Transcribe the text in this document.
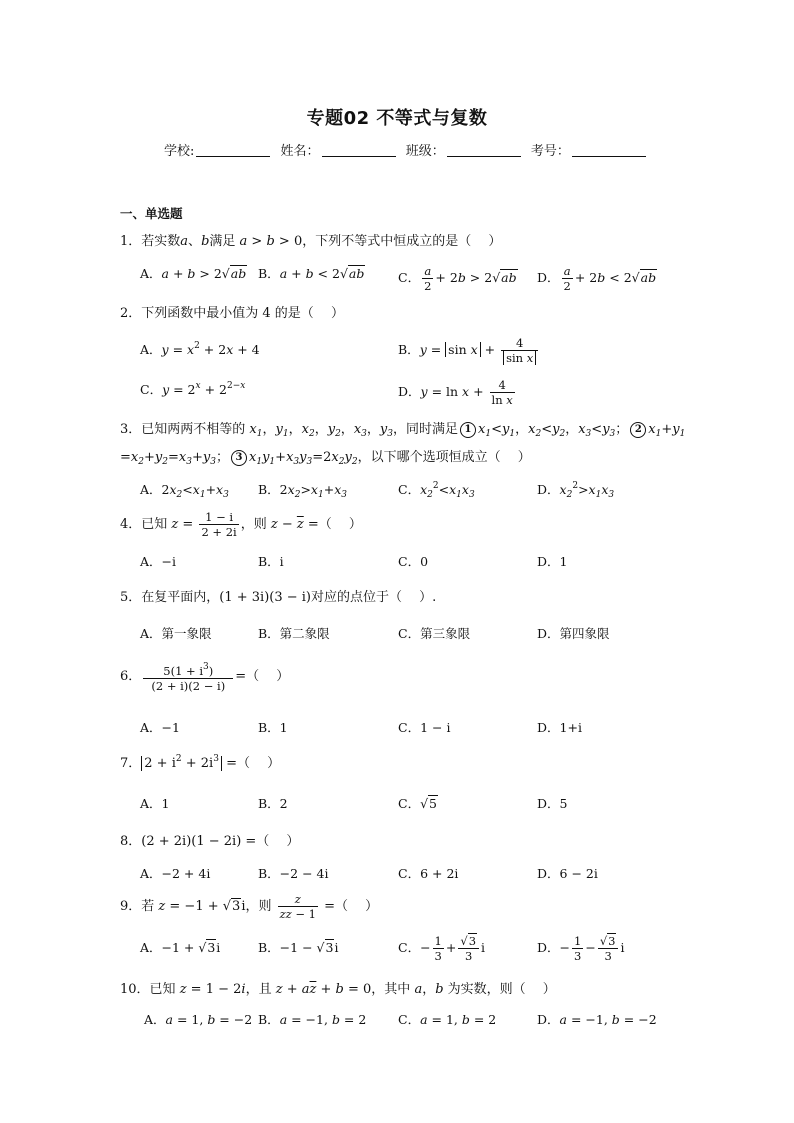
专题02 不等式与复数
学校:	姓名：	班级：	考号：
一、单选题
1．若实数a、b满足 a > b > 0，下列不等式中恒成立的是（　 ）
A．a + b > 2√ab B．a + b < 2√ab	C． $\frac{a}{2} + 2b > 2√ab$ D． $\frac{a}{2} + 2b < 2√ab$
2．下列函数中最小值为 4 的是（　 ）
A．$y = x^2 + 2x + 4$	B．$y = \sin x + \frac{4}{\text{sin x}}$
C．$y = 2^x + 2^{2-x}$	D．$y = \ln x + \frac{4}{\text{ln x}}$
3．已知两两不相等的 $x_1$，$y_1$，$x_2$，$y_2$，$x_3$，$y_3$，同时满足 1 $x_1<y_1$，$x_2<y_2$，$x_3<y_3$； 2 $x_1+y_1$
$=x_2+y_2=x_3+y_3$； 3 $x_1y_1+x_3y_3=2x_2y_2$，以下哪个选项恒成立（　 ）
A．$2x_2<x_1+x_3$ B．$2x_2>x_1+x_3$	C．$x_2^2<x_1x_3$	D．$x_2^2>x_1x_3$
4．已知 $z = \frac{1 - i}{2 + 2i}$ ，则 $z - \overline{z}$ =（　 ）
A．−i	B．i	C．0	D．1
5．在复平面内，(1 + 3i)(3 − i)对应的点位于（　 ）.
A．第一象限	B．第二象限	C．第三象限	D．第四象限
6． $\frac{5(1 + i^3)}{(2 + i)(2 - i)}$ =（　 ）
A．−1	B．1	C．1 − i	D．1+i
7． $2 + i^2 + 2i^3$ =（　 ）
A．1	B．2	C．√5	D．5
8．(2 + 2i)(1 − 2i) =（　 ）
A．−2 + 4i	B．−2 − 4i	C．6 + 2i	D．6 − 2i
9．若 z = −1 + √3i，则 $\frac{z}{z\overline{z} - 1}$ =（　 ）
A．−1 + √3i	B．−1 − √3i	C．− $\frac{1}{3} + \frac{√3}{3}$ i	D．− $\frac{1}{3} - \frac{√3}{3}$ i
10．已知 z = 1 − 2i，且 $z + a\overline{z} + b = 0$，其中 a，b 为实数，则（　 ）
A．a = 1, b = −2 B．a = −1, b = 2	C．a = 1, b = 2	D．a = −1, b = −2
